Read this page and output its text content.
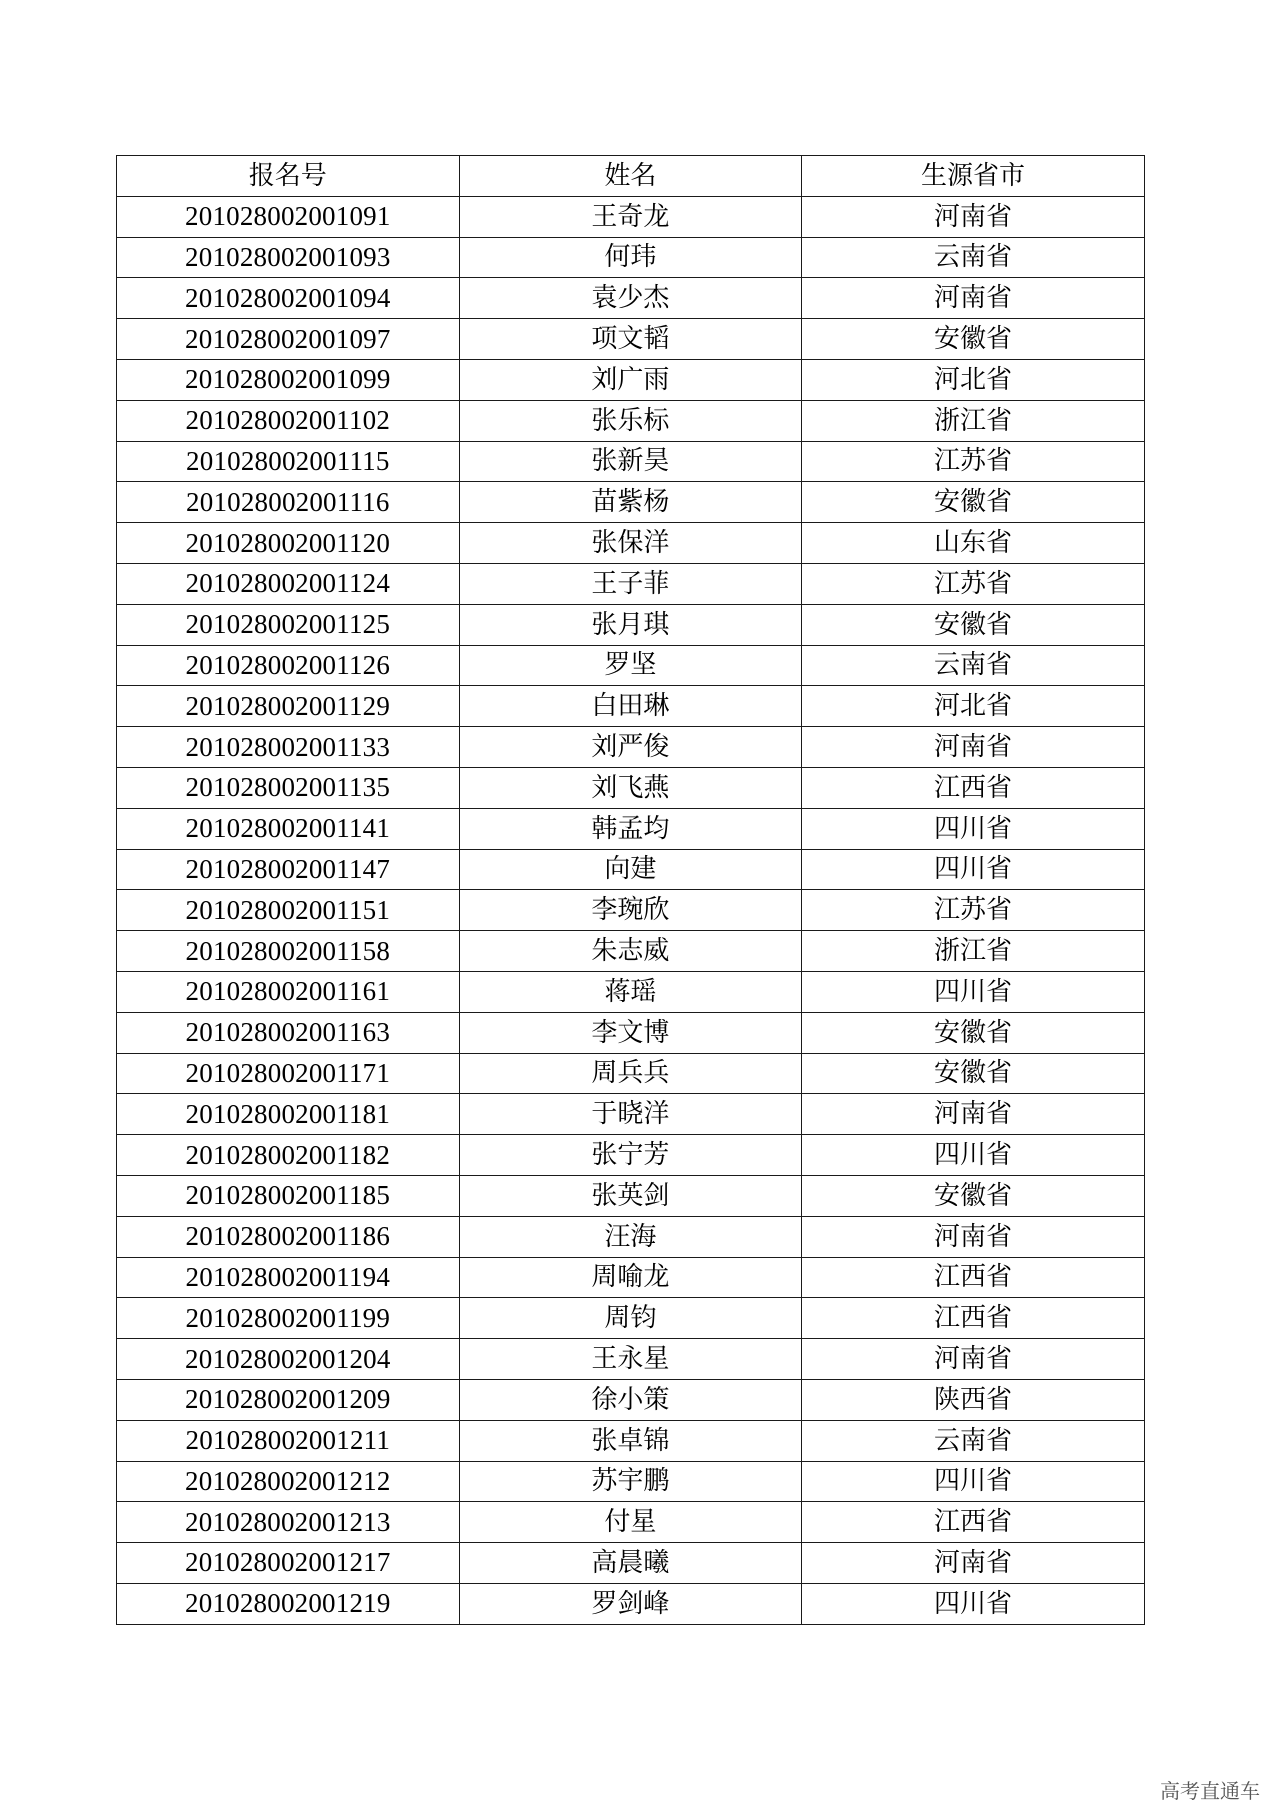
报名号	姓名	生源省市
201028002001091	王奇龙	河南省
201028002001093	何玮	云南省
201028002001094	袁少杰	河南省
201028002001097	项文韬	安徽省
201028002001099	刘广雨	河北省
201028002001102	张乐标	浙江省
201028002001115	张新昊	江苏省
201028002001116	苗紫杨	安徽省
201028002001120	张保洋	山东省
201028002001124	王子菲	江苏省
201028002001125	张月琪	安徽省
201028002001126	罗坚	云南省
201028002001129	白田琳	河北省
201028002001133	刘严俊	河南省
201028002001135	刘飞燕	江西省
201028002001141	韩孟均	四川省
201028002001147	向建	四川省
201028002001151	李琬欣	江苏省
201028002001158	朱志威	浙江省
201028002001161	蒋瑶	四川省
201028002001163	李文博	安徽省
201028002001171	周兵兵	安徽省
201028002001181	于晓洋	河南省
201028002001182	张宁芳	四川省
201028002001185	张英剑	安徽省
201028002001186	汪海	河南省
201028002001194	周喻龙	江西省
201028002001199	周钧	江西省
201028002001204	王永星	河南省
201028002001209	徐小策	陕西省
201028002001211	张卓锦	云南省
201028002001212	苏宇鹏	四川省
201028002001213	付星	江西省
201028002001217	高晨曦	河南省
201028002001219	罗剑峰	四川省
高考直通车
